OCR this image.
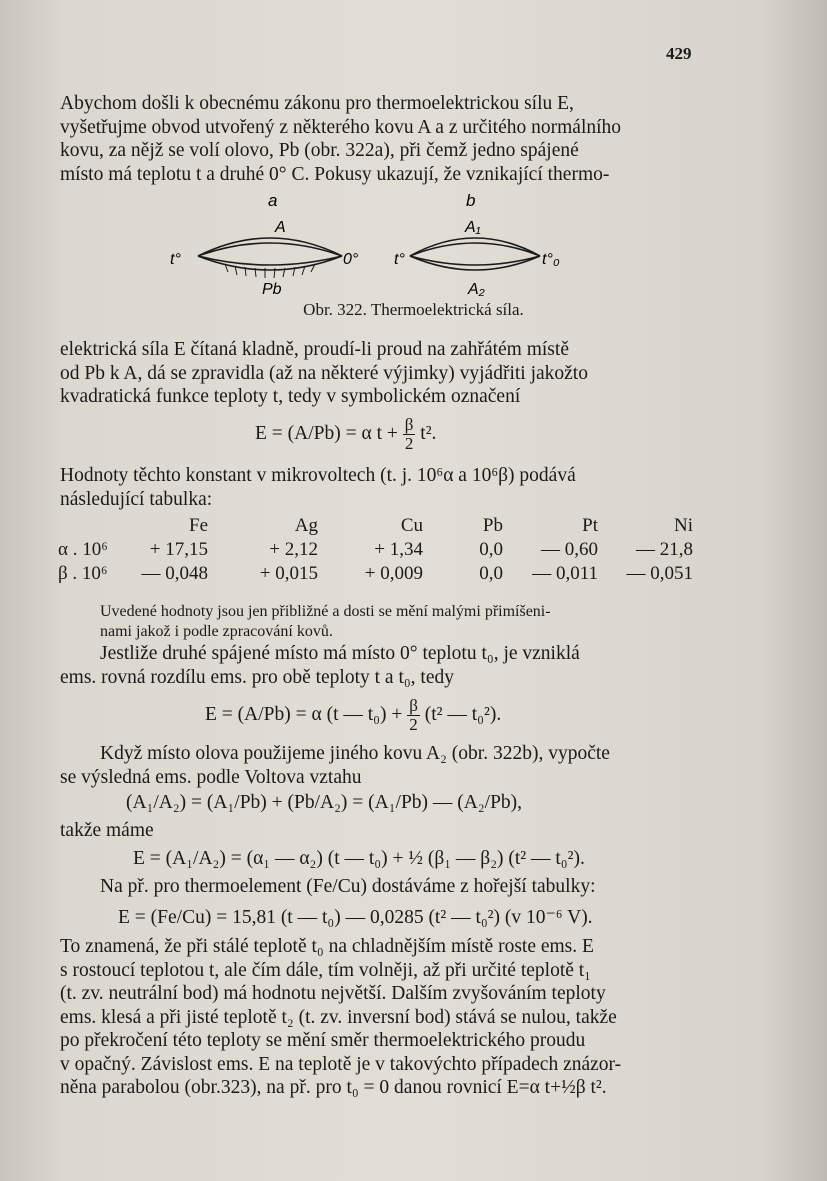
429
Abychom došli k obecnému zákonu pro thermoelektrickou sílu E,
vyšetřujme obvod utvořený z některého kovu A a z určitého normálního
kovu, za nějž se volí olovo, Pb (obr. 322a), při čemž jedno spájené
místo má teplotu t a druhé 0° C. Pokusy ukazují, že vznikající thermo-
a	b
A
t°	0°
Pb
A₁
t°	t°₀
A₂
Obr. 322. Thermoelektrická síla.
elektrická síla E čítaná kladně, proudí-li proud na zahřátém místě
od Pb k A, dá se zpravidla (až na některé výjimky) vyjádřiti jakožto
kvadratická funkce teploty t, tedy v symbolickém označení
E = (A/Pb) = α $t + \frac{\beta}{2} t^2$.
Hodnoty těchto konstant v mikrovoltech (t. j. 10⁶α a 10⁶β) podává
následující tabulka:
	Fe	Ag	Cu	Pb	Pt	Ni
α . 10⁶	+ 17,15	+ 2,12	+ 1,34	0,0	— 0,60	— 21,8
β . 10⁶	— 0,048	+ 0,015	+ 0,009	0,0	— 0,011	— 0,051
Uvedené hodnoty jsou jen přibližné a dosti se mění malými přimíšeni-
nami jakož i podle zpracování kovů.
Jestliže druhé spájené místo má místo 0° teplotu t₀, je vzniklá
ems. rovná rozdílu ems. pro obě teploty t a t₀, tedy
E = (A/Pb) = α (t — $t_0) + \frac{\beta}{2} (t^2$ — t₀²).
Když místo olova použijeme jiného kovu A₂ (obr. 322b), vypočte
se výsledná ems. podle Voltova vztahu
(A₁/A₂) = (A₁/Pb) + (Pb/A₂) = (A₁/Pb) — (A₂/Pb),
takže máme
E = (A₁/A₂) = (α₁ — α₂) (t — t₀) + ½ (β₁ — β₂) (t² — t₀²).
Na př. pro thermoelement (Fe/Cu) dostáváme z hořejší tabulky:
E = (Fe/Cu) = 15,81 (t — t₀) — 0,0285 (t² — t₀²) (v 10⁻⁶ V).
To znamená, že při stálé teplotě t₀ na chladnějším místě roste ems. E
s rostoucí teplotou t, ale čím dále, tím volněji, až při určité teplotě t₁
(t. zv. neutrální bod) má hodnotu největší. Dalším zvyšováním teploty
ems. klesá a při jisté teplotě t₂ (t. zv. inversní bod) stává se nulou, takže
po překročení této teploty se mění směr thermoelektrického proudu
v opačný. Závislost ems. E na teplotě je v takovýchto případech znázor-
něna parabolou (obr.323), na př. pro t₀ = 0 danou rovnicí E=α t+½β t².
